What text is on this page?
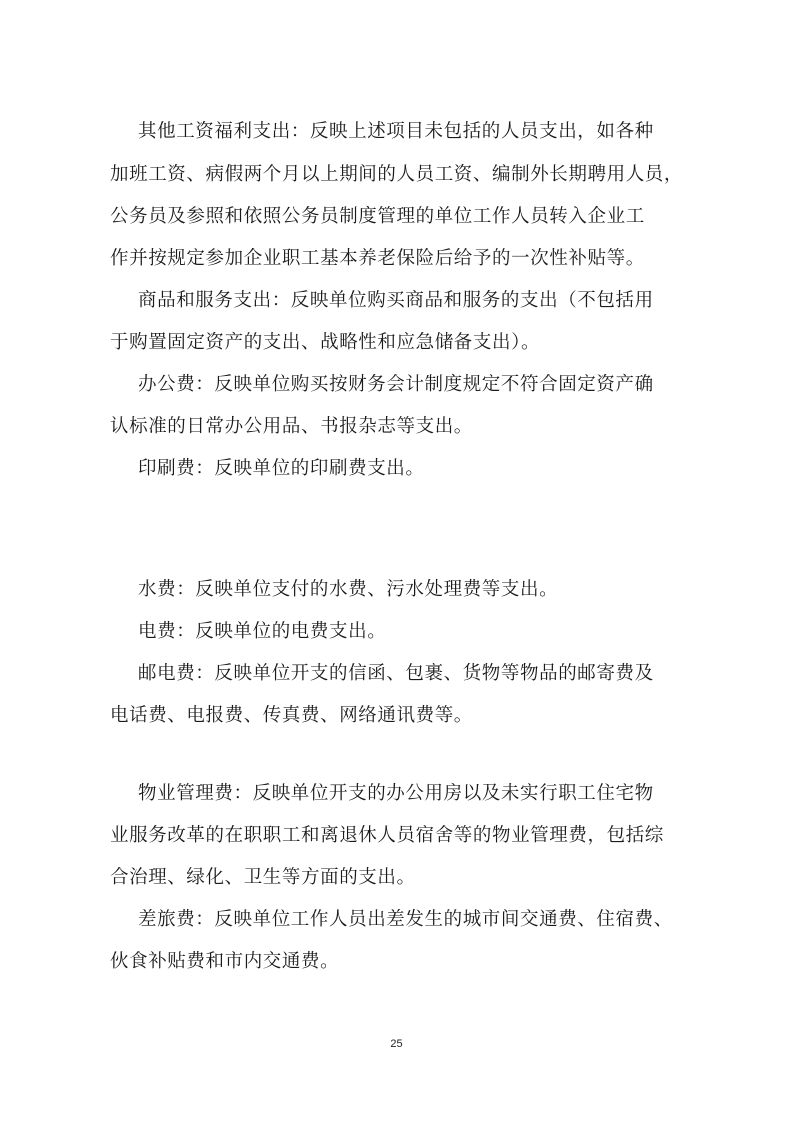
其他工资福利支出：反映上述项目未包括的人员支出，如各种
加班工资、病假两个月以上期间的人员工资、编制外长期聘用人员，
公务员及参照和依照公务员制度管理的单位工作人员转入企业工
作并按规定参加企业职工基本养老保险后给予的一次性补贴等。
商品和服务支出：反映单位购买商品和服务的支出（不包括用
于购置固定资产的支出、战略性和应急储备支出）。
办公费：反映单位购买按财务会计制度规定不符合固定资产确
认标准的日常办公用品、书报杂志等支出。
印刷费：反映单位的印刷费支出。
水费：反映单位支付的水费、污水处理费等支出。
电费：反映单位的电费支出。
邮电费：反映单位开支的信函、包裹、货物等物品的邮寄费及
电话费、电报费、传真费、网络通讯费等。
物业管理费：反映单位开支的办公用房以及未实行职工住宅物
业服务改革的在职职工和离退休人员宿舍等的物业管理费，包括综
合治理、绿化、卫生等方面的支出。
差旅费：反映单位工作人员出差发生的城市间交通费、住宿费、
伙食补贴费和市内交通费。
25
